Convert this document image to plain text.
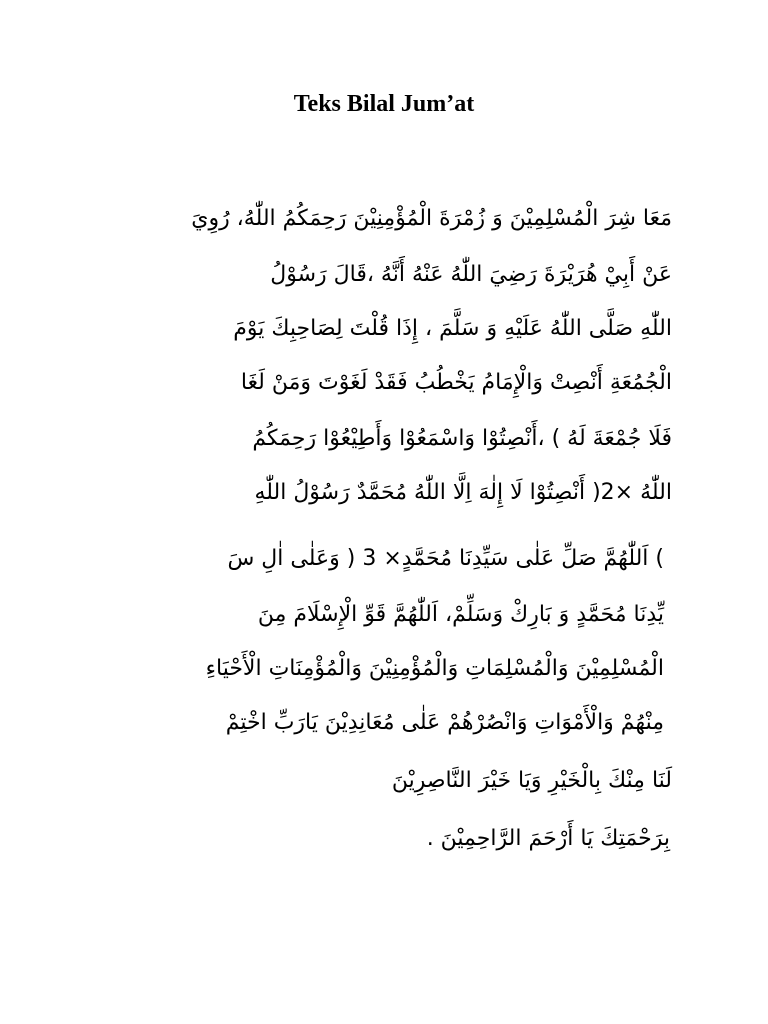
Teks Bilal Jum’at
مَعَا شِرَ الْمُسْلِمِيْنَ وَ زُمْرَةَ الْمُؤْمِنِيْنَ رَحِمَكُمُ اللّٰهُ، رُوِيَ
عَنْ أَبِيْ هُرَيْرَةَ رَضِيَ اللّٰهُ عَنْهُ أَنَّهُ ،قَالَ رَسُوْلُ
اللّٰهِ صَلَّى اللّٰهُ عَلَيْهِ وَ سَلَّمَ ، إِذَا قُلْتَ لِصَاحِبِكَ يَوْمَ
الْجُمُعَةِ أَنْصِتْ وَالْإِمَامُ يَخْطُبُ فَقَدْ لَغَوْتَ وَمَنْ لَغَا
فَلَا جُمْعَةَ لَهُ ) ،أَنْصِتُوْا وَاسْمَعُوْا وَأَطِيْعُوْا رَحِمَكُمُ
اللّٰهُ ×2( أَنْصِتُوْا لَا إِلٰهَ اِلَّا اللّٰهُ مُحَمَّدٌ رَسُوْلُ اللّٰهِ
) اَللّٰهُمَّ صَلِّ عَلٰى سَيِّدِنَا مُحَمَّدٍ× 3 ( وَعَلٰى اٰلِ سَ
يِّدِنَا مُحَمَّدٍ وَ بَارِكْ وَسَلِّمْ، اَللّٰهُمَّ قَوِّ الْإِسْلَامَ مِنَ
الْمُسْلِمِيْنَ وَالْمُسْلِمَاتِ وَالْمُؤْمِنِيْنَ وَالْمُؤْمِنَاتِ الْأَحْيَاءِ
مِنْهُمْ وَالْأَمْوَاتِ وَانْصُرْهُمْ عَلٰى مُعَانِدِيْنَ يَارَبِّ اخْتِمْ
لَنَا مِنْكَ بِالْخَيْرِ وَيَا خَيْرَ النَّاصِرِيْنَ
بِرَحْمَتِكَ يَا أَرْحَمَ الرَّاحِمِيْنَ .
